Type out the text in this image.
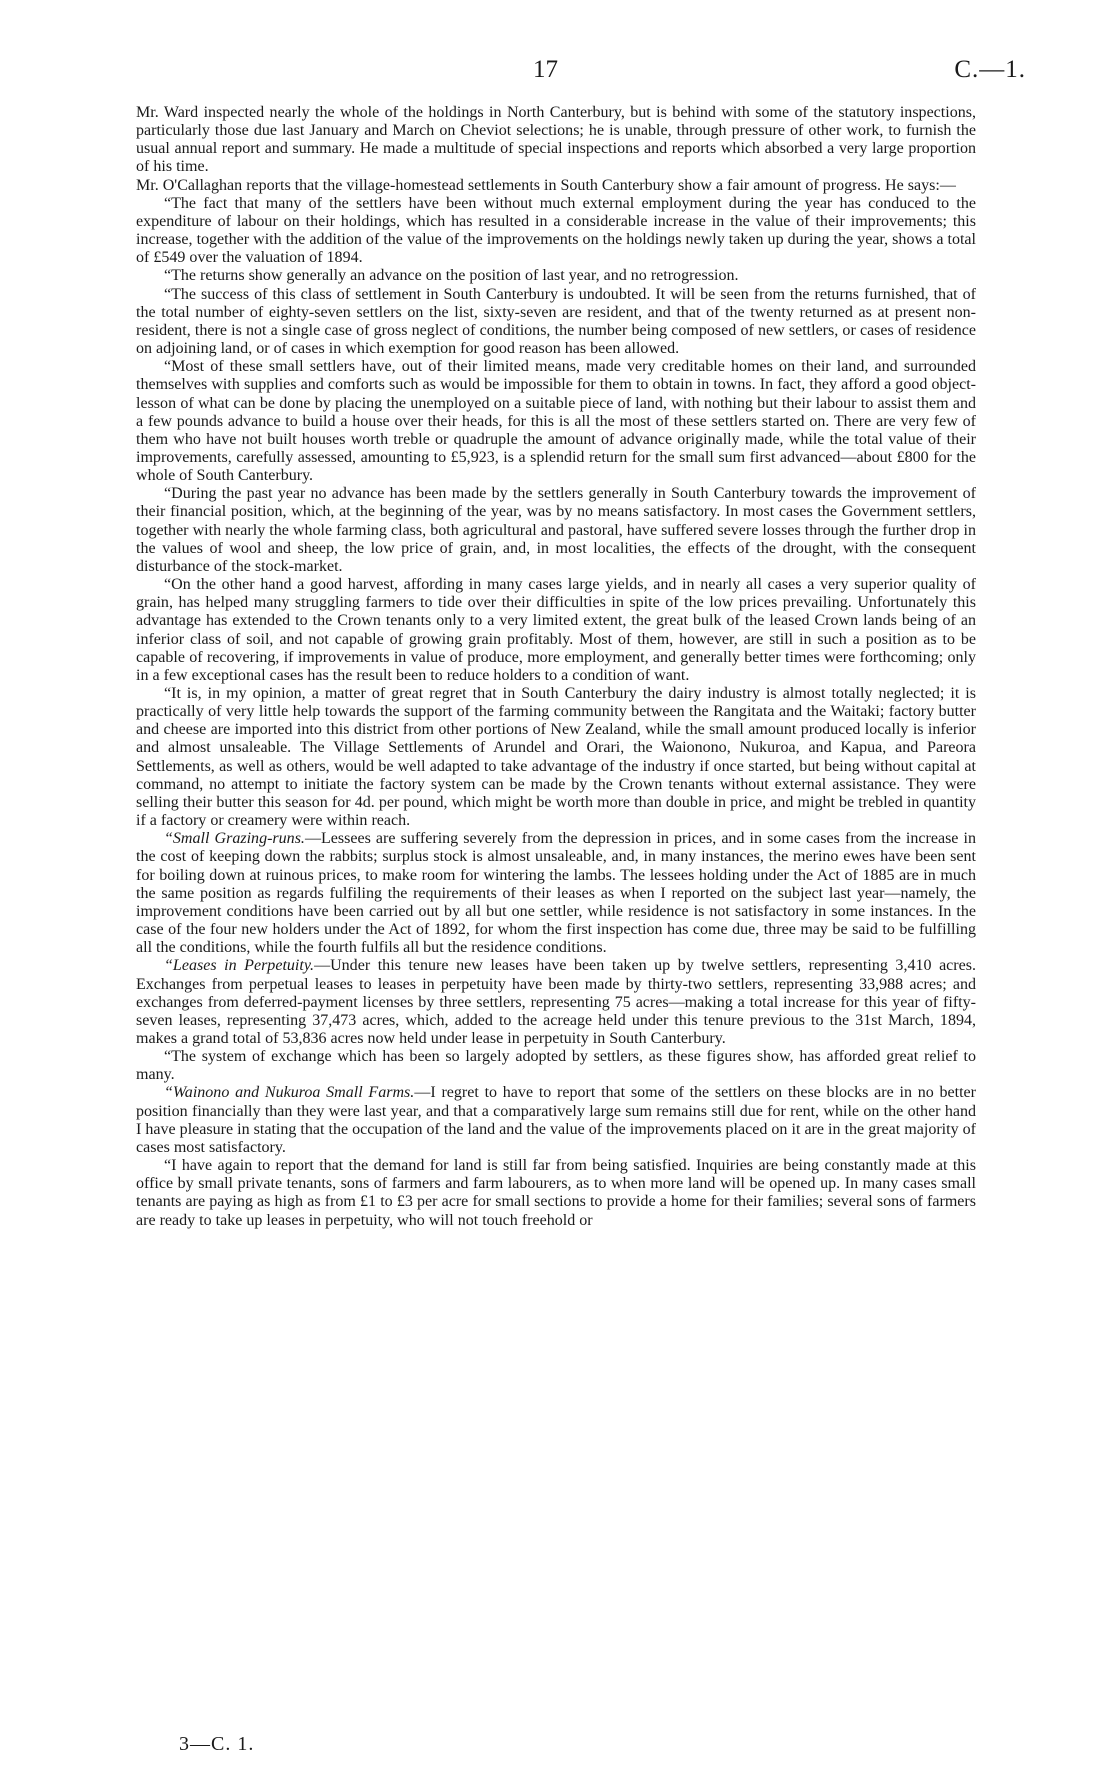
17	C.—1.

Mr. Ward inspected nearly the whole of the holdings in North Canterbury, but is behind with some of the statutory inspections, particularly those due last January and March on Cheviot selections; he is unable, through pressure of other work, to furnish the usual annual report and summary. He made a multitude of special inspections and reports which absorbed a very large proportion of his time.

Mr. O'Callaghan reports that the village-homestead settlements in South Canterbury show a fair amount of progress. He says:—

“The fact that many of the settlers have been without much external employment during the year has conduced to the expenditure of labour on their holdings, which has resulted in a considerable increase in the value of their improvements; this increase, together with the addition of the value of the improvements on the holdings newly taken up during the year, shows a total of £549 over the valuation of 1894.

“The returns show generally an advance on the position of last year, and no retrogression.

“The success of this class of settlement in South Canterbury is undoubted. It will be seen from the returns furnished, that of the total number of eighty-seven settlers on the list, sixty-seven are resident, and that of the twenty returned as at present non-resident, there is not a single case of gross neglect of conditions, the number being composed of new settlers, or cases of residence on adjoining land, or of cases in which exemption for good reason has been allowed.

“Most of these small settlers have, out of their limited means, made very creditable homes on their land, and surrounded themselves with supplies and comforts such as would be impossible for them to obtain in towns. In fact, they afford a good object-lesson of what can be done by placing the unemployed on a suitable piece of land, with nothing but their labour to assist them and a few pounds advance to build a house over their heads, for this is all the most of these settlers started on. There are very few of them who have not built houses worth treble or quadruple the amount of advance originally made, while the total value of their improvements, carefully assessed, amounting to £5,923, is a splendid return for the small sum first advanced—about £800 for the whole of South Canterbury.

“During the past year no advance has been made by the settlers generally in South Canterbury towards the improvement of their financial position, which, at the beginning of the year, was by no means satisfactory. In most cases the Government settlers, together with nearly the whole farming class, both agricultural and pastoral, have suffered severe losses through the further drop in the values of wool and sheep, the low price of grain, and, in most localities, the effects of the drought, with the consequent disturbance of the stock-market.

“On the other hand a good harvest, affording in many cases large yields, and in nearly all cases a very superior quality of grain, has helped many struggling farmers to tide over their difficulties in spite of the low prices prevailing. Unfortunately this advantage has extended to the Crown tenants only to a very limited extent, the great bulk of the leased Crown lands being of an inferior class of soil, and not capable of growing grain profitably. Most of them, however, are still in such a position as to be capable of recovering, if improvements in value of produce, more employment, and generally better times were forthcoming; only in a few exceptional cases has the result been to reduce holders to a condition of want.

“It is, in my opinion, a matter of great regret that in South Canterbury the dairy industry is almost totally neglected; it is practically of very little help towards the support of the farming community between the Rangitata and the Waitaki; factory butter and cheese are imported into this district from other portions of New Zealand, while the small amount produced locally is inferior and almost unsaleable. The Village Settlements of Arundel and Orari, the Waionono, Nukuroa, and Kapua, and Pareora Settlements, as well as others, would be well adapted to take advantage of the industry if once started, but being without capital at command, no attempt to initiate the factory system can be made by the Crown tenants without external assistance. They were selling their butter this season for 4d. per pound, which might be worth more than double in price, and might be trebled in quantity if a factory or creamery were within reach.

“Small Grazing-runs.—Lessees are suffering severely from the depression in prices, and in some cases from the increase in the cost of keeping down the rabbits; surplus stock is almost unsaleable, and, in many instances, the merino ewes have been sent for boiling down at ruinous prices, to make room for wintering the lambs. The lessees holding under the Act of 1885 are in much the same position as regards fulfiling the requirements of their leases as when I reported on the subject last year—namely, the improvement conditions have been carried out by all but one settler, while residence is not satisfactory in some instances. In the case of the four new holders under the Act of 1892, for whom the first inspection has come due, three may be said to be fulfilling all the conditions, while the fourth fulfils all but the residence conditions.

“Leases in Perpetuity.—Under this tenure new leases have been taken up by twelve settlers, representing 3,410 acres. Exchanges from perpetual leases to leases in perpetuity have been made by thirty-two settlers, representing 33,988 acres; and exchanges from deferred-payment licenses by three settlers, representing 75 acres—making a total increase for this year of fifty-seven leases, representing 37,473 acres, which, added to the acreage held under this tenure previous to the 31st March, 1894, makes a grand total of 53,836 acres now held under lease in perpetuity in South Canterbury.

“The system of exchange which has been so largely adopted by settlers, as these figures show, has afforded great relief to many.

“Wainono and Nukuroa Small Farms.—I regret to have to report that some of the settlers on these blocks are in no better position financially than they were last year, and that a comparatively large sum remains still due for rent, while on the other hand I have pleasure in stating that the occupation of the land and the value of the improvements placed on it are in the great majority of cases most satisfactory.

“I have again to report that the demand for land is still far from being satisfied. Inquiries are being constantly made at this office by small private tenants, sons of farmers and farm labourers, as to when more land will be opened up. In many cases small tenants are paying as high as from £1 to £3 per acre for small sections to provide a home for their families; several sons of farmers are ready to take up leases in perpetuity, who will not touch freehold or

3—C. 1.
